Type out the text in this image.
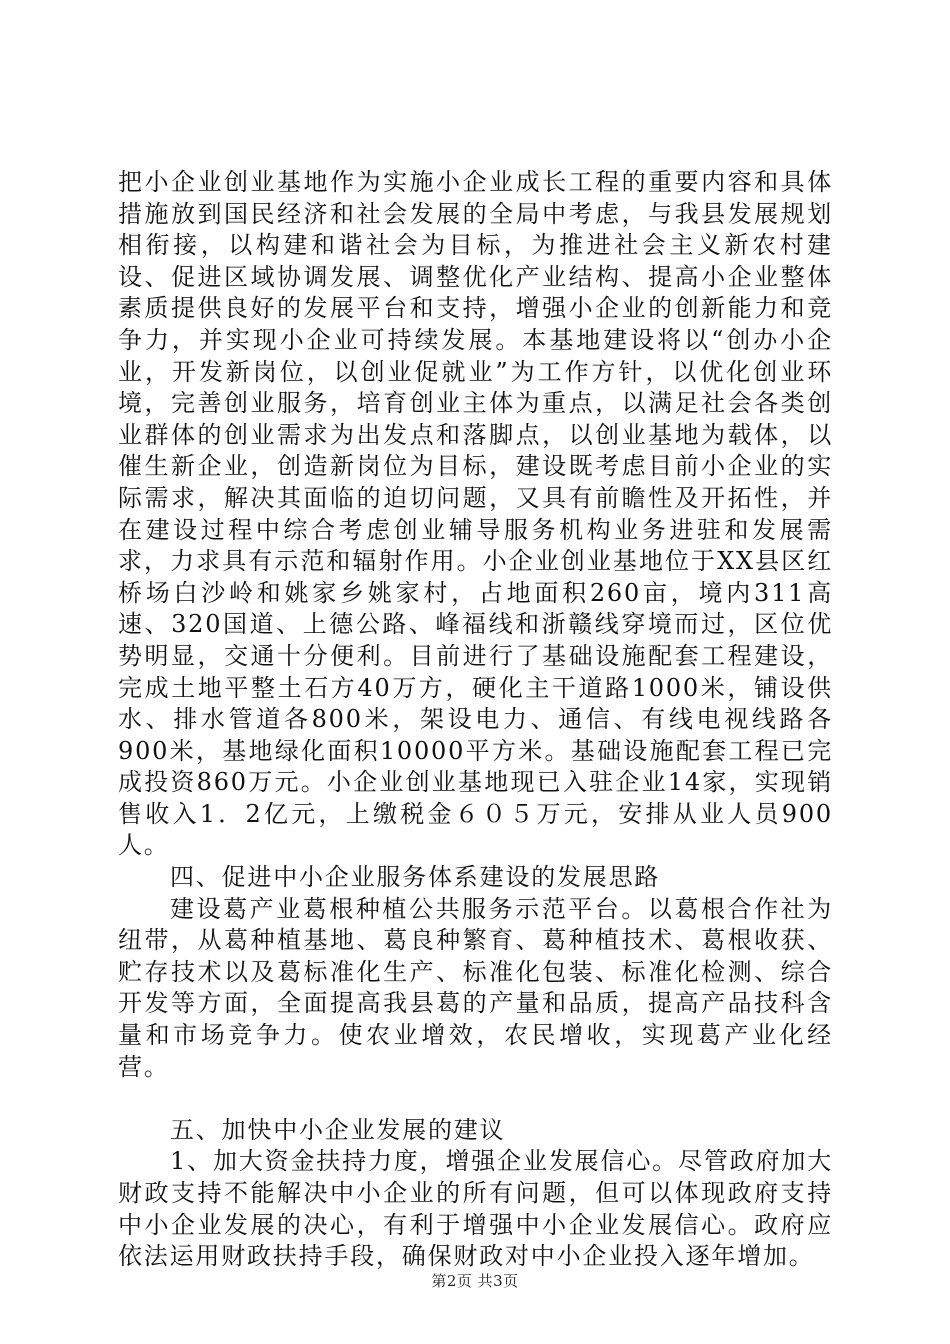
把小企业创业基地作为实施小企业成长工程的重要内容和具体措施放到国民经济和社会发展的全局中考虑，与我县发展规划相衔接，以构建和谐社会为目标，为推进社会主义新农村建设、促进区域协调发展、调整优化产业结构、提高小企业整体素质提供良好的发展平台和支持，增强小企业的创新能力和竞争力，并实现小企业可持续发展。本基地建设将以“创办小企业，开发新岗位，以创业促就业”为工作方针，以优化创业环境，完善创业服务，培育创业主体为重点，以满足社会各类创业群体的创业需求为出发点和落脚点，以创业基地为载体，以催生新企业，创造新岗位为目标，建设既考虑目前小企业的实际需求，解决其面临的迫切问题，又具有前瞻性及开拓性，并在建设过程中综合考虑创业辅导服务机构业务进驻和发展需求，力求具有示范和辐射作用。小企业创业基地位于XX县区红桥场白沙岭和姚家乡姚家村，占地面积260亩，境内311高速、320国道、上德公路、峰福线和浙赣线穿境而过，区位优势明显，交通十分便利。目前进行了基础设施配套工程建设，完成土地平整土石方40万方，硬化主干道路1000米，铺设供水、排水管道各800米，架设电力、通信、有线电视线路各900米，基地绿化面积10000平方米。基础设施配套工程已完成投资860万元。小企业创业基地现已入驻企业14家，实现销售收入1．2亿元，上缴税金６０５万元，安排从业人员900人。

四、促进中小企业服务体系建设的发展思路

建设葛产业葛根种植公共服务示范平台。以葛根合作社为纽带，从葛种植基地、葛良种繁育、葛种植技术、葛根收获、贮存技术以及葛标准化生产、标准化包装、标准化检测、综合开发等方面，全面提高我县葛的产量和品质，提高产品技科含量和市场竞争力。使农业增效，农民增收，实现葛产业化经营。

五、加快中小企业发展的建议

1、加大资金扶持力度，增强企业发展信心。尽管政府加大财政支持不能解决中小企业的所有问题，但可以体现政府支持中小企业发展的决心，有利于增强中小企业发展信心。政府应依法运用财政扶持手段，确保财政对中小企业投入逐年增加。

第2页 共3页
